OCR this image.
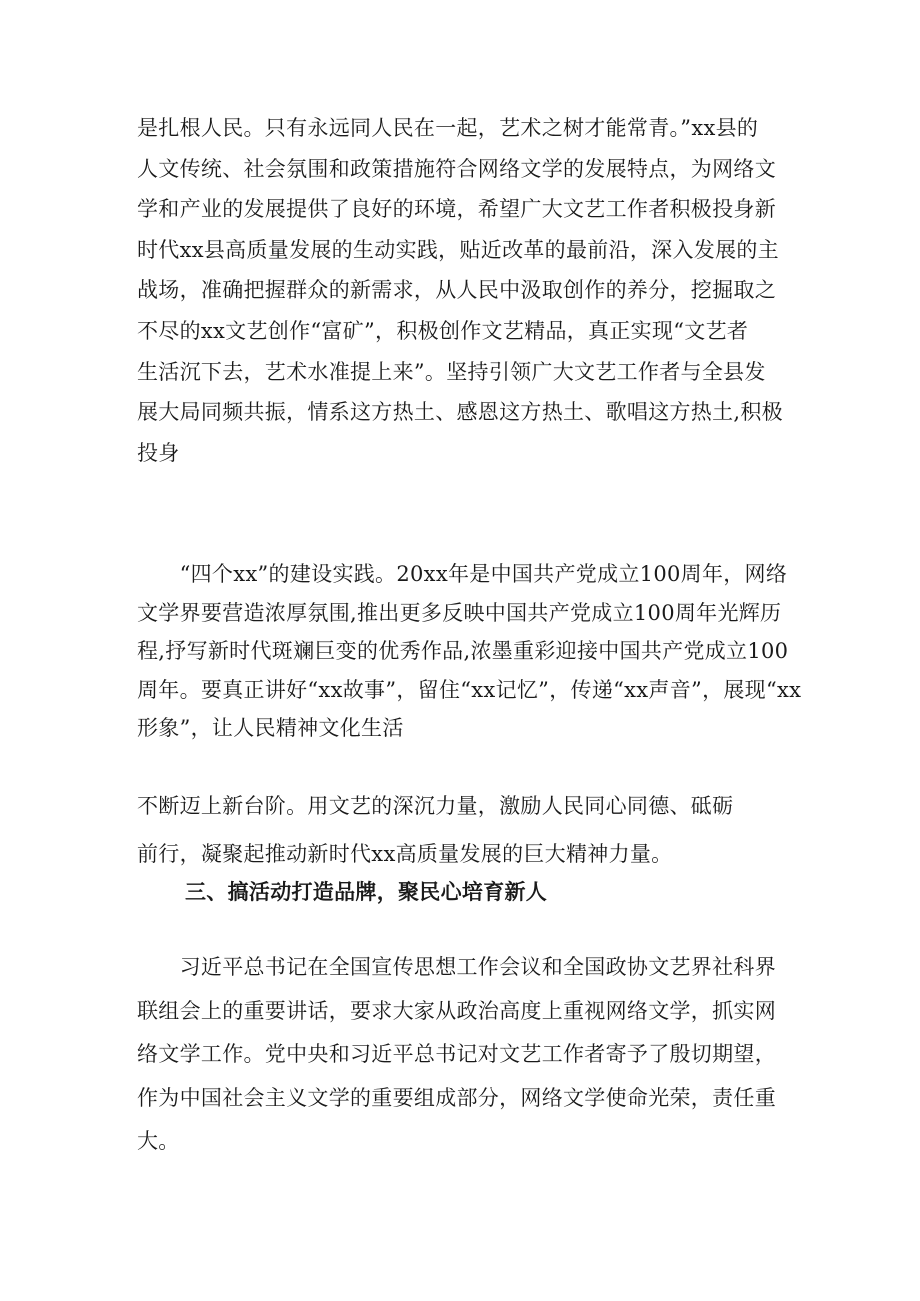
是扎根人民。只有永远同人民在一起，艺术之树才能常青。”xx县的
人文传统、社会氛围和政策措施符合网络文学的发展特点，为网络文
学和产业的发展提供了良好的环境，希望广大文艺工作者积极投身新
时代xx县高质量发展的生动实践，贴近改革的最前沿，深入发展的主
战场，准确把握群众的新需求，从人民中汲取创作的养分，挖掘取之
不尽的xx文艺创作“富矿”，积极创作文艺精品，真正实现“文艺者
生活沉下去，艺术水准提上来”。坚持引领广大文艺工作者与全县发
展大局同频共振，情系这方热土、感恩这方热土、歌唱这方热土,积极
投身
　　“四个xx”的建设实践。20xx年是中国共产党成立100周年，网络
文学界要营造浓厚氛围,推出更多反映中国共产党成立100周年光辉历
程,抒写新时代斑斓巨变的优秀作品,浓墨重彩迎接中国共产党成立100
周年。要真正讲好“xx故事”，留住“xx记忆”，传递“xx声音”，展现“xx
形象”，让人民精神文化生活
不断迈上新台阶。用文艺的深沉力量，激励人民同心同德、砥砺
前行，凝聚起推动新时代xx高质量发展的巨大精神力量。
三、搞活动打造品牌，聚民心培育新人
　　习近平总书记在全国宣传思想工作会议和全国政协文艺界社科界
联组会上的重要讲话，要求大家从政治高度上重视网络文学，抓实网
络文学工作。党中央和习近平总书记对文艺工作者寄予了殷切期望，
作为中国社会主义文学的重要组成部分，网络文学使命光荣，责任重
大。
